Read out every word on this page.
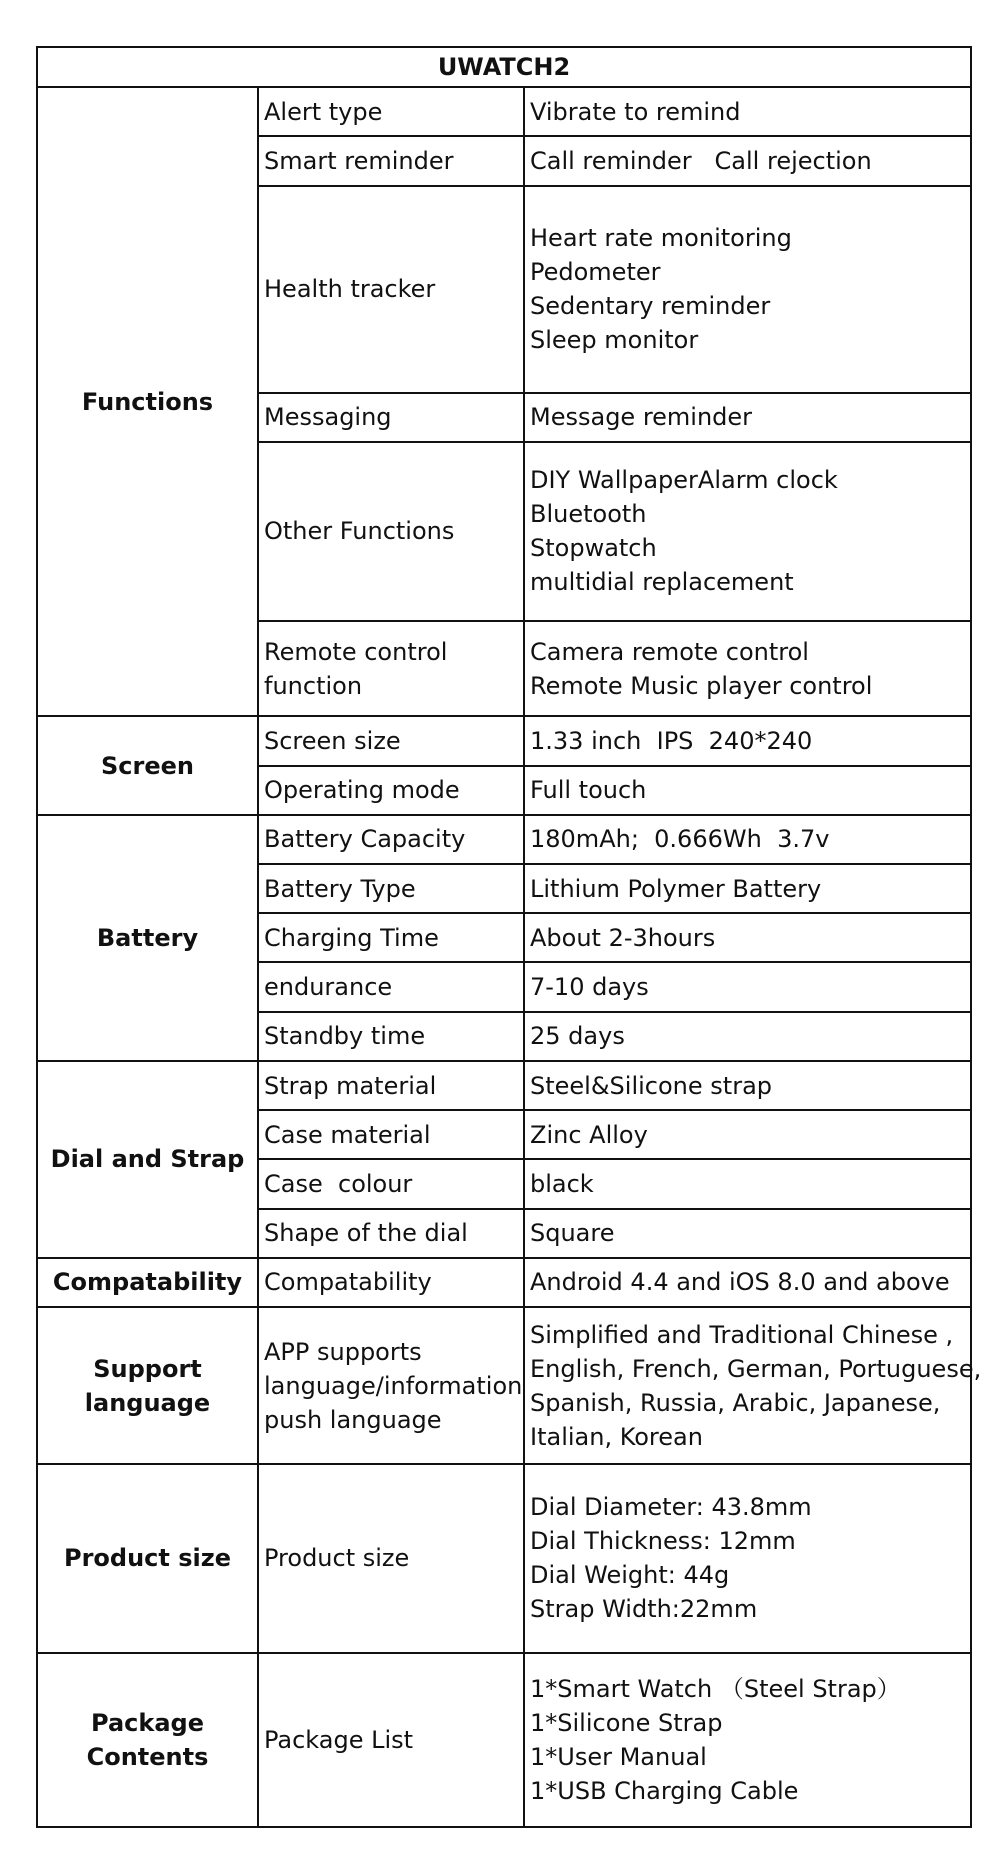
UWATCH2		
Functions	Alert type	Vibrate to remind

	Smart reminder	Call reminder   Call rejection

	Health tracker	Heart rate monitoring
Pedometer
Sedentary reminder
Sleep monitor

	Messaging	Message reminder

	Other Functions	DIY WallpaperAlarm clock
Bluetooth
Stopwatch
multidial replacement

	Remote control
function	Camera remote control
Remote Music player control

Screen	Screen size	1.33 inch  IPS  240*240

	Operating mode	Full touch

Battery	Battery Capacity	180mAh;  0.666Wh  3.7v

	Battery Type	Lithium Polymer Battery

	Charging Time	About 2-3hours

	endurance	7-10 days

	Standby time	25 days

Dial and Strap	Strap material	Steel&Silicone strap

	Case material	Zinc Alloy

	Case  colour	black

	Shape of the dial	Square

Compatability	Compatability	Android 4.4 and iOS 8.0 and above

Support language	APP supports
language/information
push language	Simplified and Traditional Chinese ,
English, French, German, Portuguese,
Spanish, Russia, Arabic, Japanese,
Italian, Korean

Product size	Product size	Dial Diameter: 43.8mm
Dial Thickness: 12mm
Dial Weight: 44g
Strap Width:22mm

Package Contents	Package List	1*Smart Watch （Steel Strap）
1*Silicone Strap
1*User Manual
1*USB Charging Cable
